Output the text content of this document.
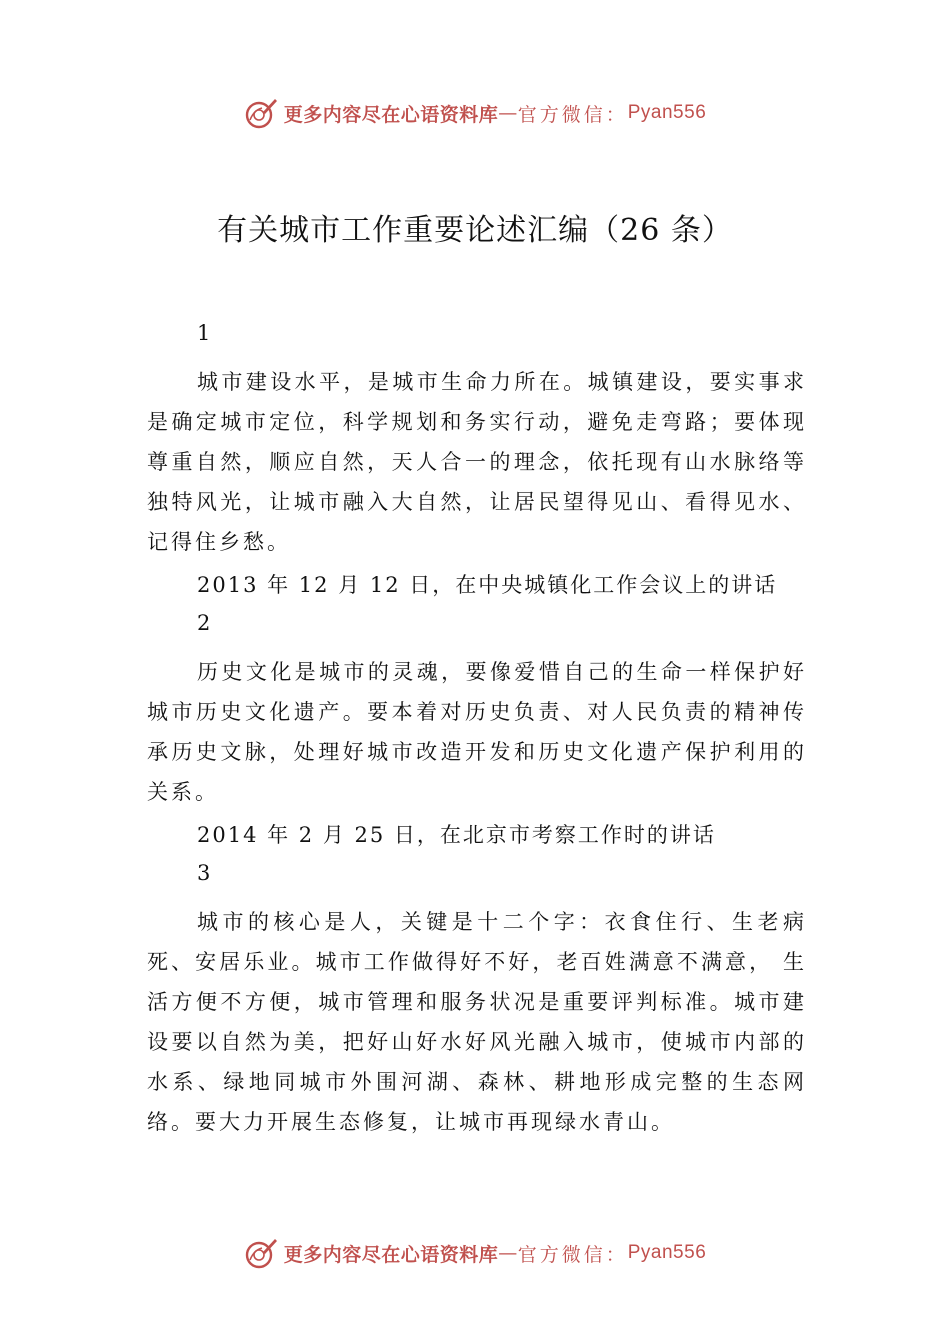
更多内容尽在心语资料库 — 官方微信： Pyan556
有关城市工作重要论述汇编（26 条）
1

城市建设水平，是城市生命力所在。城镇建设，要实事求是确定城市定位，科学规划和务实行动，避免走弯路；要体现尊重自然，顺应自然，天人合一的理念，依托现有山水脉络等独特风光，让城市融入大自然，让居民望得见山、看得见水、记得住乡愁。

2013 年 12 月 12 日，在中央城镇化工作会议上的讲话
2

历史文化是城市的灵魂，要像爱惜自己的生命一样保护好城市历史文化遗产。要本着对历史负责、对人民负责的精神传承历史文脉，处理好城市改造开发和历史文化遗产保护利用的关系。

2014 年 2 月 25 日，在北京市考察工作时的讲话
3

城市的核心是人，关键是十二个字：衣食住行、生老病死、安居乐业。城市工作做得好不好，老百姓满意不满意， 生活方便不方便，城市管理和服务状况是重要评判标准。城市建设要以自然为美，把好山好水好风光融入城市，使城市内部的水系、绿地同城市外围河湖、森林、耕地形成完整的生态网络。要大力开展生态修复，让城市再现绿水青山。

更多内容尽在心语资料库 — 官方微信： Pyan556
